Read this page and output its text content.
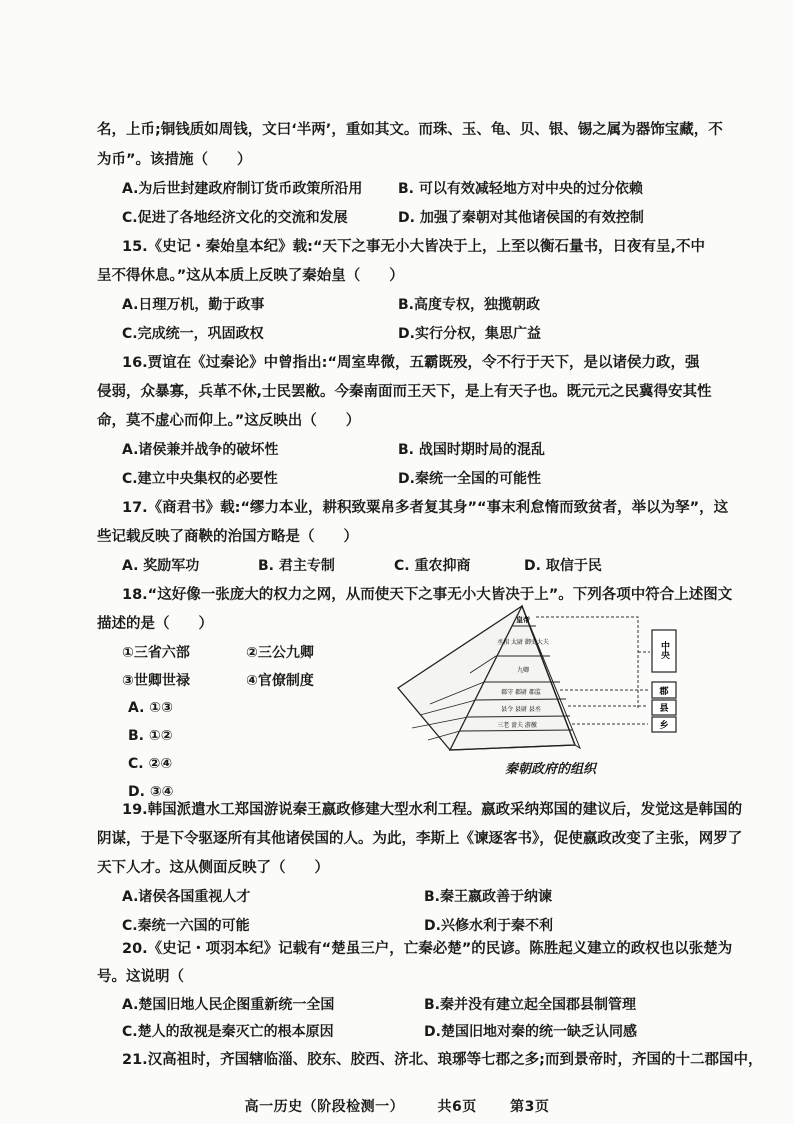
名，上币;铜钱质如周钱，文曰‘半两’，重如其文。而珠、玉、龟、贝、银、锡之属为器饰宝藏，不
为币”。该措施（　　）
A.为后世封建政府制订货币政策所沿用	B. 可以有效减轻地方对中央的过分依赖
C.促进了各地经济文化的交流和发展	D. 加强了秦朝对其他诸侯国的有效控制
15.《史记・秦始皇本纪》载:“天下之事无小大皆决于上，上至以衡石量书，日夜有呈,不中
呈不得休息。”这从本质上反映了秦始皇（　　）
A.日理万机，勤于政事	B.高度专权，独揽朝政
C.完成统一，巩固政权	D.实行分权，集思广益
16.贾谊在《过秦论》中曾指出:“周室卑微，五霸既殁，令不行于天下，是以诸侯力政，强
侵弱，众暴寡，兵革不休,士民罢敝。今秦南面而王天下，是上有天子也。既元元之民冀得安其性
命，莫不虚心而仰上。”这反映出（　　）
A.诸侯兼并战争的破坏性	B. 战国时期时局的混乱
C.建立中央集权的必要性	D.秦统一全国的可能性
17.《商君书》载:“缪力本业，耕积致粟帛多者复其身”“事末利怠惰而致贫者，举以为孥”，这
些记载反映了商鞅的治国方略是（　　）
A. 奖励军功	B. 君主专制	C. 重农抑商	D. 取信于民
18.“这好像一张庞大的权力之网，从而使天下之事无小大皆决于上”。下列各项中符合上述图文
描述的是（　　）
①三省六部	②三公九卿
③世卿世禄	④官僚制度
A. ①③
B. ①②
C. ②④
D. ③④
皇帝
丞相 太尉 御史大夫
九卿
郡守 郡尉 郡监
县令 县尉 县丞
三老 啬夫 游徼
中央
郡
县
乡
秦朝政府的组织
19.韩国派遣水工郑国游说秦王嬴政修建大型水利工程。嬴政采纳郑国的建议后，发觉这是韩国的
阴谋，于是下令驱逐所有其他诸侯国的人。为此，李斯上《谏逐客书》，促使嬴政改变了主张，网罗了
天下人才。这从侧面反映了（　　）
A.诸侯各国重视人才	B.秦王嬴政善于纳谏
C.秦统一六国的可能	D.兴修水利于秦不利
20.《史记・项羽本纪》记载有“楚虽三户，亡秦必楚”的民谚。陈胜起义建立的政权也以张楚为
号。这说明（
A.楚国旧地人民企图重新统一全国	B.秦并没有建立起全国郡县制管理
C.楚人的敌视是秦灭亡的根本原因	D.楚国旧地对秦的统一缺乏认同感
21.汉高祖时，齐国辖临淄、胶东、胶西、济北、琅琊等七郡之多;而到景帝时，齐国的十二郡国中，
高一历史（阶段检测一） 共6页 第3页
